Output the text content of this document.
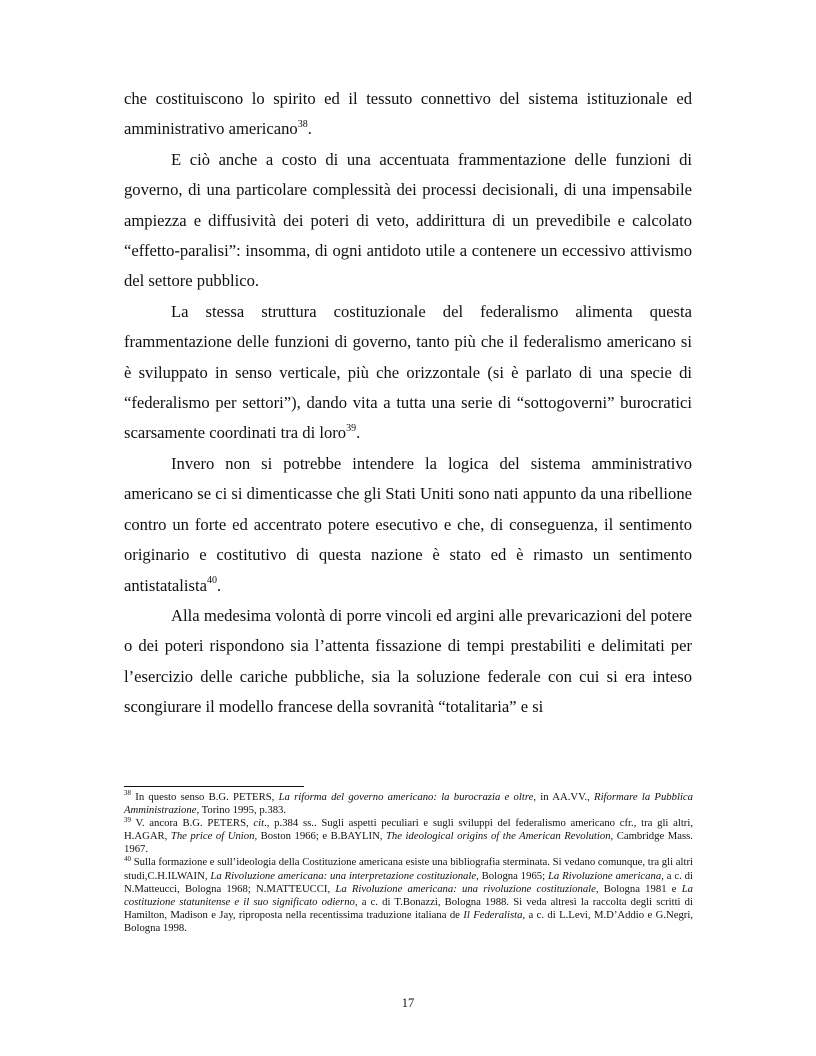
che costituiscono lo spirito ed il tessuto connettivo del sistema istituzionale ed amministrativo americano$^{38}$.

E ciò anche a costo di una accentuata frammentazione delle funzioni di governo, di una particolare complessità dei processi decisionali, di una impensabile ampiezza e diffusività dei poteri di veto, addirittura di un prevedibile e calcolato “effetto-paralisi”: insomma, di ogni antidoto utile a contenere un eccessivo attivismo del settore pubblico.

La stessa struttura costituzionale del federalismo alimenta questa frammentazione delle funzioni di governo, tanto più che il federalismo americano si è sviluppato in senso verticale, più che orizzontale (si è parlato di una specie di “federalismo per settori”), dando vita a tutta una serie di “sottogoverni” burocratici scarsamente coordinati tra di loro$^{39}$.

Invero non si potrebbe intendere la logica del sistema amministrativo americano se ci si dimenticasse che gli Stati Uniti sono nati appunto da una ribellione contro un forte ed accentrato potere esecutivo e che, di conseguenza, il sentimento originario e costitutivo di questa nazione è stato ed è rimasto un sentimento antistatalista$^{40}$.

Alla medesima volontà di porre vincoli ed argini alle prevaricazioni del potere o dei poteri rispondono sia l’attenta fissazione di tempi prestabiliti e delimitati per l’esercizio delle cariche pubbliche, sia la soluzione federale con cui si era inteso scongiurare il modello francese della sovranità “totalitaria” e si

$^{38}$ In questo senso B.G. PETERS, La riforma del governo americano: la burocrazia e oltre, in AA.VV., Riformare la Pubblica Amministrazione, Torino 1995, p.383.

$^{39}$ V. ancora B.G. PETERS, cit., p.384 ss.. Sugli aspetti peculiari e sugli sviluppi del federalismo americano cfr., tra gli altri, H.AGAR, The price of Union, Boston 1966; e B.BAYLIN, The ideological origins of the American Revolution, Cambridge Mass. 1967.

$^{40}$ Sulla formazione e sull’ideologia della Costituzione americana esiste una bibliografia sterminata. Si vedano comunque, tra gli altri studi,C.H.ILWAIN, La Rivoluzione americana: una interpretazione costituzionale, Bologna 1965; La Rivoluzione americana, a c. di N.Matteucci, Bologna 1968; N.MATTEUCCI, La Rivoluzione americana: una rivoluzione costituzionale, Bologna 1981 e La costituzione statunitense e il suo significato odierno, a c. di T.Bonazzi, Bologna 1988. Si veda altresì la raccolta degli scritti di Hamilton, Madison e Jay, riproposta nella recentissima traduzione italiana de Il Federalista, a c. di L.Levi, M.D’Addio e G.Negri, Bologna 1998.

17
